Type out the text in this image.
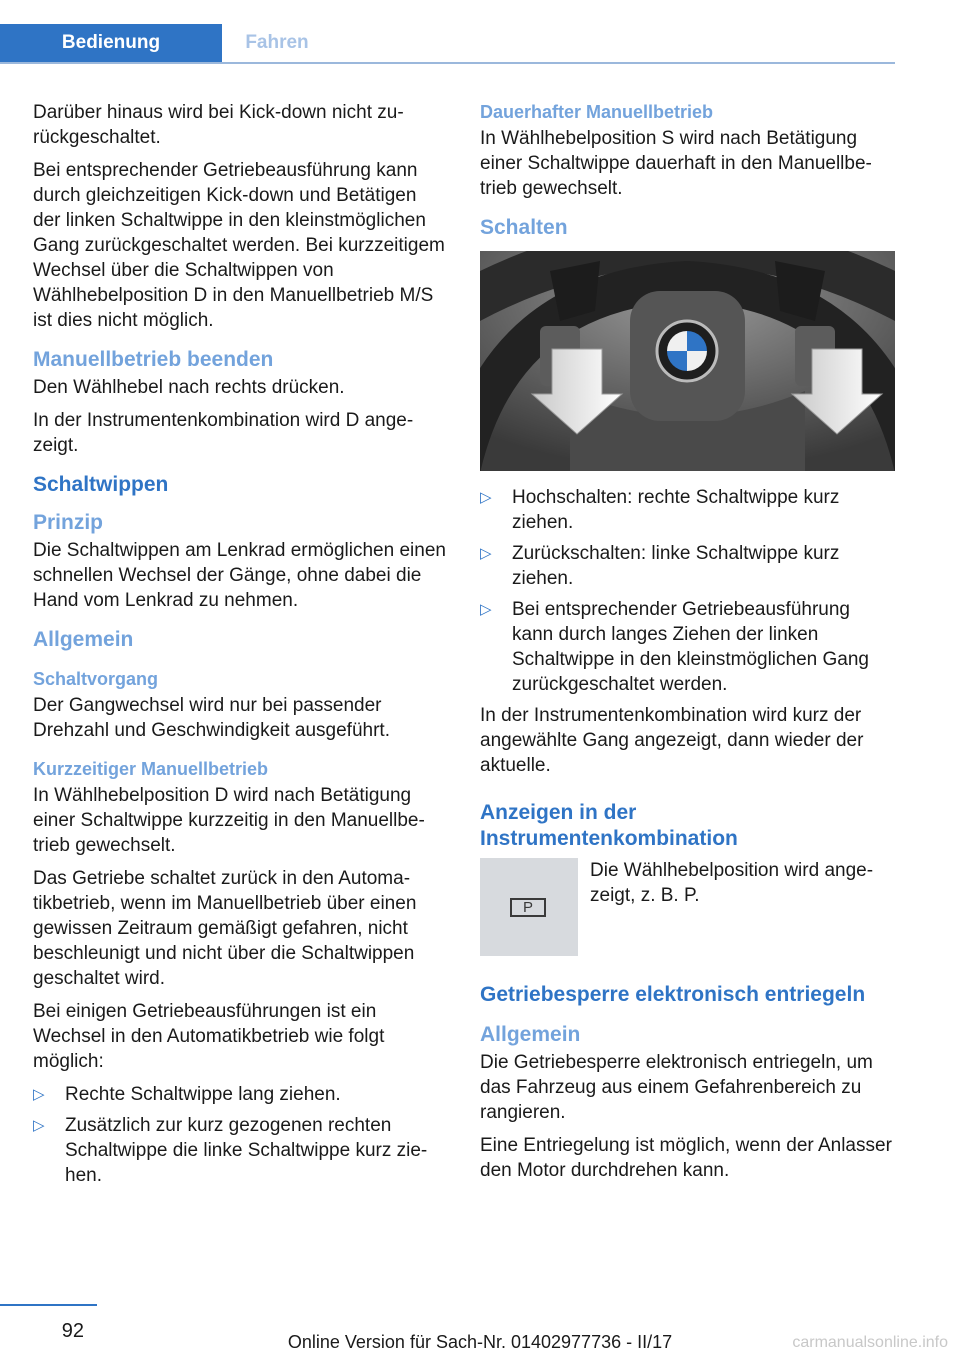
Bedienung	Fahren

Darüber hinaus wird bei Kick-down nicht zurückgeschaltet.

Bei entsprechender Getriebeausführung kann durch gleichzeitigen Kick-down und Betätigen der linken Schaltwippe in den kleinstmöglichen Gang zurückgeschaltet werden. Bei kurzzeitigem Wechsel über die Schaltwippen von Wählhebelposition D in den Manuellbetrieb M/S ist dies nicht möglich.

Manuellbetrieb beenden

Den Wählhebel nach rechts drücken.

In der Instrumentenkombination wird D angezeigt.

Schaltwippen
Prinzip

Die Schaltwippen am Lenkrad ermöglichen einen schnellen Wechsel der Gänge, ohne dabei die Hand vom Lenkrad zu nehmen.

Allgemein
Schaltvorgang

Der Gangwechsel wird nur bei passender Drehzahl und Geschwindigkeit ausgeführt.

Kurzzeitiger Manuellbetrieb

In Wählhebelposition D wird nach Betätigung einer Schaltwippe kurzzeitig in den Manuellbetrieb gewechselt.

Das Getriebe schaltet zurück in den Automatikbetrieb, wenn im Manuellbetrieb über einen gewissen Zeitraum gemäßigt gefahren, nicht beschleunigt und nicht über die Schaltwippen geschaltet wird.

Bei einigen Getriebeausführungen ist ein Wechsel in den Automatikbetrieb wie folgt möglich:

▷ Rechte Schaltwippe lang ziehen.
▷ Zusätzlich zur kurz gezogenen rechten Schaltwippe die linke Schaltwippe kurz ziehen.
Dauerhafter Manuellbetrieb

In Wählhebelposition S wird nach Betätigung einer Schaltwippe dauerhaft in den Manuellbetrieb gewechselt.

Schalten
▷ Hochschalten: rechte Schaltwippe kurz ziehen.
▷ Zurückschalten: linke Schaltwippe kurz ziehen.
▷ Bei entsprechender Getriebeausführung kann durch langes Ziehen der linken Schaltwippe in den kleinstmöglichen Gang zurückgeschaltet werden.

In der Instrumentenkombination wird kurz der angewählte Gang angezeigt, dann wieder der aktuelle.

Anzeigen in der Instrumentenkombination
P

Die Wählhebelposition wird angezeigt, z. B. P.

Getriebesperre elektronisch entriegeln
Allgemein

Die Getriebesperre elektronisch entriegeln, um das Fahrzeug aus einem Gefahrenbereich zu rangieren.

Eine Entriegelung ist möglich, wenn der Anlasser den Motor durchdrehen kann.

92	Online Version für Sach-Nr. 01402977736 - II/17	carmanualsonline.info
